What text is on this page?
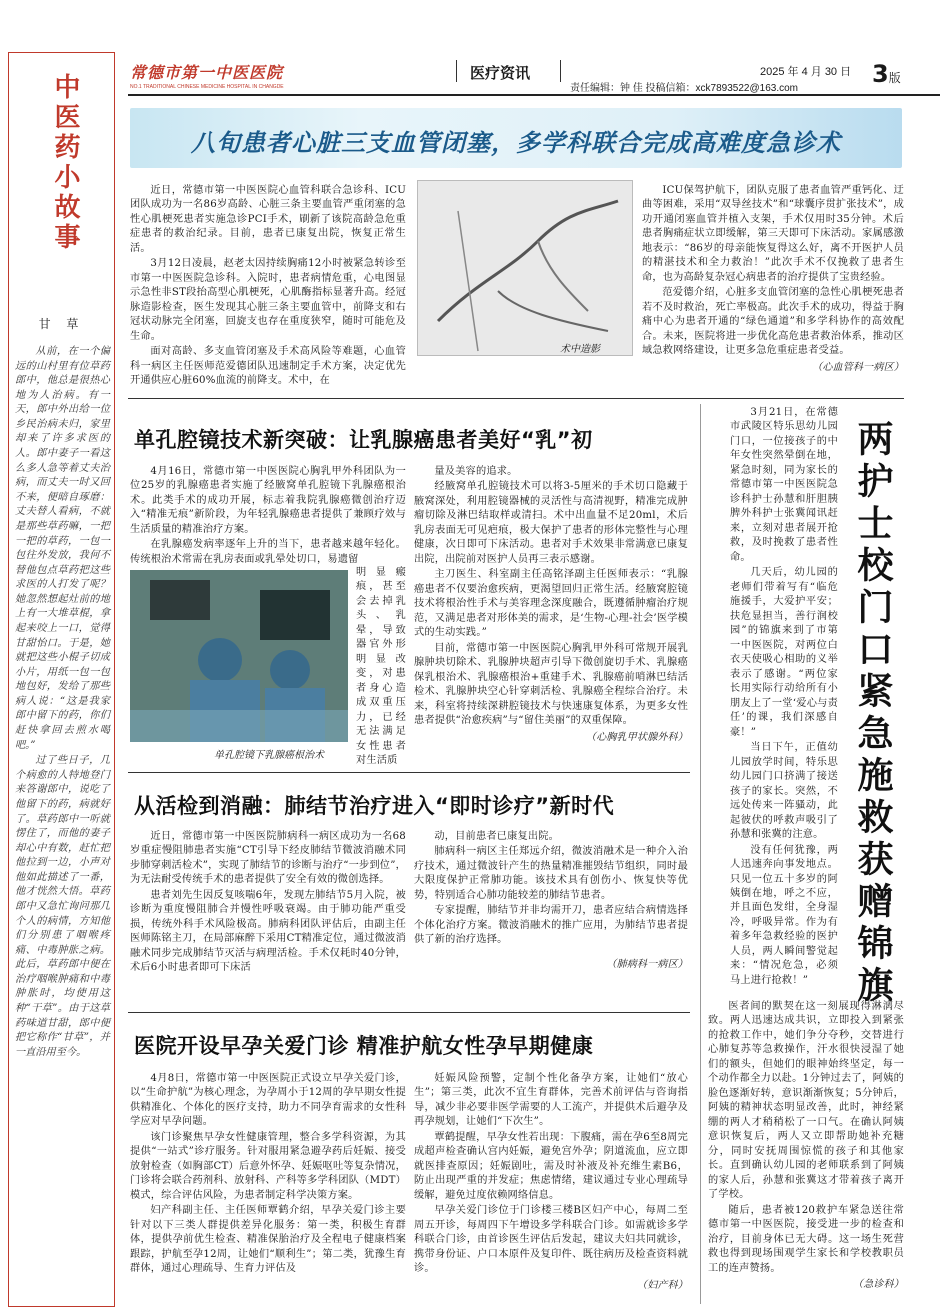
中医药小故事
甘 草

从前，在一个偏远的山村里有位草药郎中，他总是很热心地为人治病。有一天，郎中外出给一位乡民治病未归，家里却来了许多求医的人。郎中妻子一看这么多人急等着丈夫治病，而丈夫一时又回不来，便暗自琢磨：丈夫替人看病，不就是那些草药嘛，一把一把的草药，一包一包往外发放，我何不替他包点草药把这些求医的人打发了呢？她忽然想起灶前的地上有一大堆草棍，拿起来咬上一口，觉得甘甜怡口。于是，她就把这些小棍子切成小片，用纸一包一包地包好，发给了那些病人说：“这是我家郎中留下的药，你们赶快拿回去煎水喝吧。”

过了些日子，几个病愈的人特地登门来答谢郎中，说吃了他留下的药，病就好了。草药郎中一听就愣住了，而他的妻子却心中有数，赶忙把他拉到一边，小声对他如此描述了一番，他才恍然大悟。草药郎中又急忙询问那几个人的病情，方知他们分别患了咽喉疼痛、中毒肿胀之病。此后，草药郎中便在治疗咽喉肿痛和中毒肿胀时，均使用这种“干草”。由于这草药味道甘甜，郎中便把它称作“甘草”，并一直沿用至今。

常德市第一中医医院
NO.1 TRADITIONAL CHINESE MEDICINE HOSPITAL IN CHANGDE
医疗资讯	2025 年 4 月 30 日
责任编辑：钟 佳 投稿信箱：xck7893522@163.com
3版
八旬患者心脏三支血管闭塞，多学科联合完成高难度急诊术

近日，常德市第一中医医院心血管科联合急诊科、ICU团队成功为一名86岁高龄、心脏三条主要血管严重闭塞的急性心肌梗死患者实施急诊PCI手术，刷新了该院高龄急危重症患者的救治纪录。目前，患者已康复出院，恢复正常生活。

3月12日凌晨，赵老太因持续胸痛12小时被紧急转诊至市第一中医医院急诊科。入院时，患者病情危重，心电图显示急性非ST段抬高型心肌梗死，心肌酶指标显著升高。经冠脉造影检查，医生发现其心脏三条主要血管中，前降支和右冠状动脉完全闭塞，回旋支也存在重度狭窄，随时可能危及生命。

面对高龄、多支血管闭塞及手术高风险等难题，心血管科一病区主任医师范爱德团队迅速制定手术方案，决定优先开通供应心脏60%血流的前降支。术中，在

术中造影

ICU保驾护航下，团队克服了患者血管严重钙化、迂曲等困难，采用“双导丝技术”和“球囊序贯扩张技术”，成功开通闭塞血管并植入支架，手术仅用时35分钟。术后患者胸痛症状立即缓解，第三天即可下床活动。家属感激地表示：“86岁的母亲能恢复得这么好，离不开医护人员的精湛技术和全力救治！”此次手术不仅挽救了患者生命，也为高龄复杂冠心病患者的治疗提供了宝贵经验。

范爱德介绍，心脏多支血管闭塞的急性心肌梗死患者若不及时救治，死亡率极高。此次手术的成功，得益于胸痛中心为患者开通的“绿色通道”和多学科协作的高效配合。未来，医院将进一步优化高危患者救治体系，推动区域急救网络建设，让更多急危重症患者受益。

（心血管科一病区）
单孔腔镜技术新突破：让乳腺癌患者美好“乳”初

4月16日，常德市第一中医医院心胸乳甲外科团队为一位25岁的乳腺癌患者实施了经腋窝单孔腔镜下乳腺癌根治术。此类手术的成功开展，标志着我院乳腺癌微创治疗迈入“精准无痕”新阶段，为年轻乳腺癌患者提供了兼顾疗效与生活质量的精准治疗方案。

在乳腺癌发病率逐年上升的当下，患者越来越年轻化。传统根治术常需在乳房表面或乳晕处切口，易遗留

明显瘢痕，甚至会去掉乳头、乳晕，导致器官外形明显改变，对患者身心造成双重压力，已经无法满足女性患者对生活质

单孔腔镜下乳腺癌根治术

量及美容的追求。

经腋窝单孔腔镜技术可以将3-5厘米的手术切口隐藏于腋窝深处，利用腔镜器械的灵活性与高清视野，精准完成肿瘤切除及淋巴结取样或清扫。术中出血量不足20ml，术后乳房表面无可见疤痕，极大保护了患者的形体完整性与心理健康，次日即可下床活动。患者对手术效果非常满意已康复出院，出院前对医护人员再三表示感谢。

主刀医生、科室副主任高铭泽副主任医师表示：“乳腺癌患者不仅要治愈疾病，更渴望回归正常生活。经腋窝腔镜技术将根治性手术与美容理念深度融合，既遵循肿瘤治疗规范，又满足患者对形体美的需求，是‘生物-心理-社会’医学模式的生动实践。”

目前，常德市第一中医医院心胸乳甲外科可常规开展乳腺肿块切除术、乳腺肿块超声引导下微创旋切手术、乳腺癌保乳根治术、乳腺癌根治+重建手术、乳腺癌前哨淋巴结活检术、乳腺肿块空心针穿刺活检、乳腺癌全程综合治疗。未来，科室将持续深耕腔镜技术与快速康复体系，为更多女性患者提供“治愈疾病”与“留住美丽”的双重保障。

（心胸乳甲状腺外科）
从活检到消融：肺结节治疗进入“即时诊疗”新时代

近日，常德市第一中医医院肺病科一病区成功为一名68岁重症慢阻肺患者实施“CT引导下经皮肺结节微波消融术同步肺穿刺活检术”，实现了肺结节的诊断与治疗“一步到位”，为无法耐受传统手术的患者提供了安全有效的微创选择。

患者刘先生因反复咳喘6年，发现左肺结节5月入院，被诊断为重度慢阻肺合并慢性呼吸衰竭。由于肺功能严重受损，传统外科手术风险极高。肺病科团队评估后，由副主任医师陈铭主刀，在局部麻醉下采用CT精准定位，通过微波消融术同步完成肺结节灭活与病理活检。手术仅耗时40分钟，术后6小时患者即可下床活

动，目前患者已康复出院。

肺病科一病区主任郑远介绍，微波消融术是一种介入治疗技术，通过微波针产生的热量精准摧毁结节组织，同时最大限度保护正常肺功能。该技术具有创伤小、恢复快等优势，特别适合心肺功能较差的肺结节患者。

专家提醒，肺结节并非均需开刀，患者应结合病情选择个体化治疗方案。微波消融术的推广应用，为肺结节患者提供了新的治疗选择。

（肺病科一病区）
医院开设早孕关爱门诊 精准护航女性孕早期健康

4月8日，常德市第一中医医院正式设立早孕关爱门诊，以“生命护航”为核心理念，为孕周小于12周的孕早期女性提供精准化、个体化的医疗支持，助力不同孕育需求的女性科学应对早孕问题。

该门诊聚焦早孕女性健康管理，整合多学科资源，为其提供“一站式”诊疗服务。针对服用紧急避孕药后妊娠、接受放射检查（如胸部CT）后意外怀孕、妊娠呕吐等复杂情况，门诊将会联合药剂科、放射科、产科等多学科团队（MDT）模式，综合评估风险，为患者制定科学决策方案。

妇产科副主任、主任医师覃鹤介绍，早孕关爱门诊主要针对以下三类人群提供差异化服务：第一类，积极生育群体，提供孕前优生检查、精准保胎治疗及全程电子健康档案跟踪，护航至孕12周，让她们“顺利生”；第二类，犹豫生育群体，通过心理疏导、生育力评估及

妊娠风险预警，定制个性化备孕方案，让她们“放心生”；第三类，此次不宜生育群体，完善术前评估与咨询指导，减少非必要非医学需要的人工流产，并提供术后避孕及再孕规划，让她们“下次生”。

覃鹤提醒，早孕女性若出现：下腹痛，需在孕6至8周完成超声检查确认宫内妊娠，避免宫外孕；阴道流血，应立即就医排查原因；妊娠剧吐，需及时补液及补充维生素B6，防止出现严重的并发症；焦虑情绪，建议通过专业心理疏导缓解，避免过度依赖网络信息。

早孕关爱门诊位于门诊楼三楼B区妇产中心，每周二至周五开诊，每周四下午增设多学科联合门诊。如需就诊多学科联合门诊，由首诊医生评估后发起，建议夫妇共同就诊，携带身份证、户口本原件及复印件、既往病历及检查资料就诊。

（妇产科）

3月21日，在常德市武陵区特乐思幼儿园门口，一位接孩子的中年女性突然晕倒在地，紧急时刻，同为家长的常德市第一中医医院急诊科护士孙慧和肝胆胰脾外科护士张冀闻讯赶来，立刻对患者展开抢救，及时挽救了患者性命。

几天后，幼儿园的老师们带着写有“临危施援手，大爱护平安；扶危显担当，善行润校园”的锦旗来到了市第一中医医院，对两位白衣天使吸心相助的义举表示了感谢。“两位家长用实际行动给所有小朋友上了一堂‘爱心与责任’的课，我们深感自豪！”

当日下午，正值幼儿园放学时间，特乐思幼儿园门口挤满了接送孩子的家长。突然，不远处传来一阵骚动，此起彼伏的呼救声吸引了孙慧和张冀的注意。

没有任何犹豫，两人迅速奔向事发地点。只见一位五十多岁的阿姨倒在地，呼之不应，并且面色发绀，全身湿冷，呼吸异常。作为有着多年急救经验的医护人员，两人瞬间警觉起来：“情况危急，必须马上进行抢救！”	两护士校门口紧急施救获赠锦旗

医者间的默契在这一刻展现得淋漓尽致。两人迅速达成共识，立即投入到紧张的抢救工作中，她们争分夺秒，交替进行心肺复苏等急救操作，汗水很快浸湿了她们的额头，但她们的眼神始终坚定，每一个动作都全力以赴。1分钟过去了，阿姨的脸色逐渐好转，意识渐渐恢复；5分钟后，阿姨的精神状态明显改善，此时，神经紧绷的两人才稍稍松了一口气。在确认阿姨意识恢复后，两人又立即帮助她补充糖分，同时安抚周围惊慌的孩子和其他家长。直到确认幼儿园的老师联系到了阿姨的家人后，孙慧和张冀这才带着孩子离开了学校。

随后，患者被120救护车紧急送往常德市第一中医医院，接受进一步的检查和治疗，目前身体已无大碍。这一场生死营救也得到现场围观学生家长和学校教职员工的连声赞扬。

（急诊科）
